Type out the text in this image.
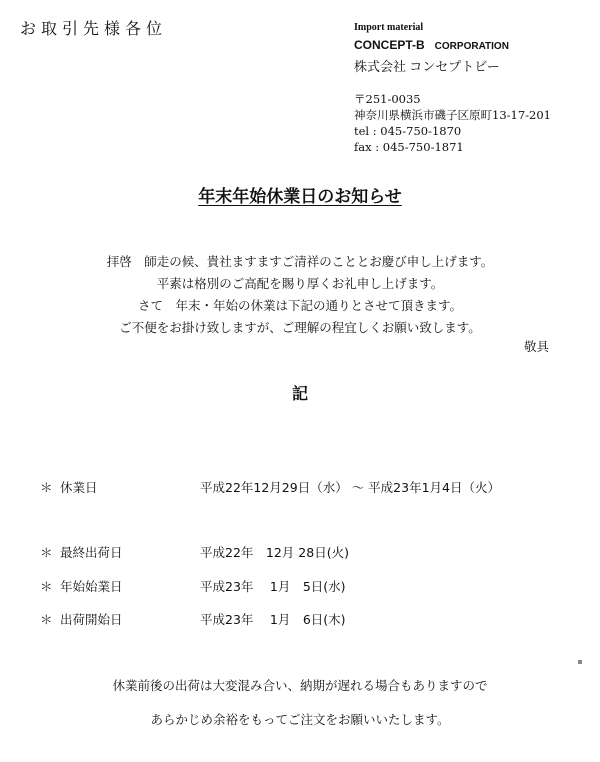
お取引先様各位	Import material
CONCEPT-B CORPORATION
株式会社 コンセプトビー
〒251-0035
神奈川県横浜市磯子区原町13-17-201
tel : 045-750-1870
fax : 045-750-1871
年末年始休業日のお知らせ
拝啓　師走の候、貴社ますますご清祥のこととお慶び申し上げます。
平素は格別のご高配を賜り厚くお礼申し上げます。
さて　年末・年始の休業は下記の通りとさせて頂きます。
ご不便をお掛け致しますが、ご理解の程宜しくお願い致します。
敬具
記
＊ 休業日	平成22年12月29日（水） ～ 平成23年1月4日（火）
＊ 最終出荷日	平成22年　12月 28日(火)
＊ 年始始業日	平成23年　 1月　5日(水)
＊ 出荷開始日	平成23年　 1月　6日(木)
休業前後の出荷は大変混み合い、納期が遅れる場合もありますので
あらかじめ余裕をもってご注文をお願いいたします。
